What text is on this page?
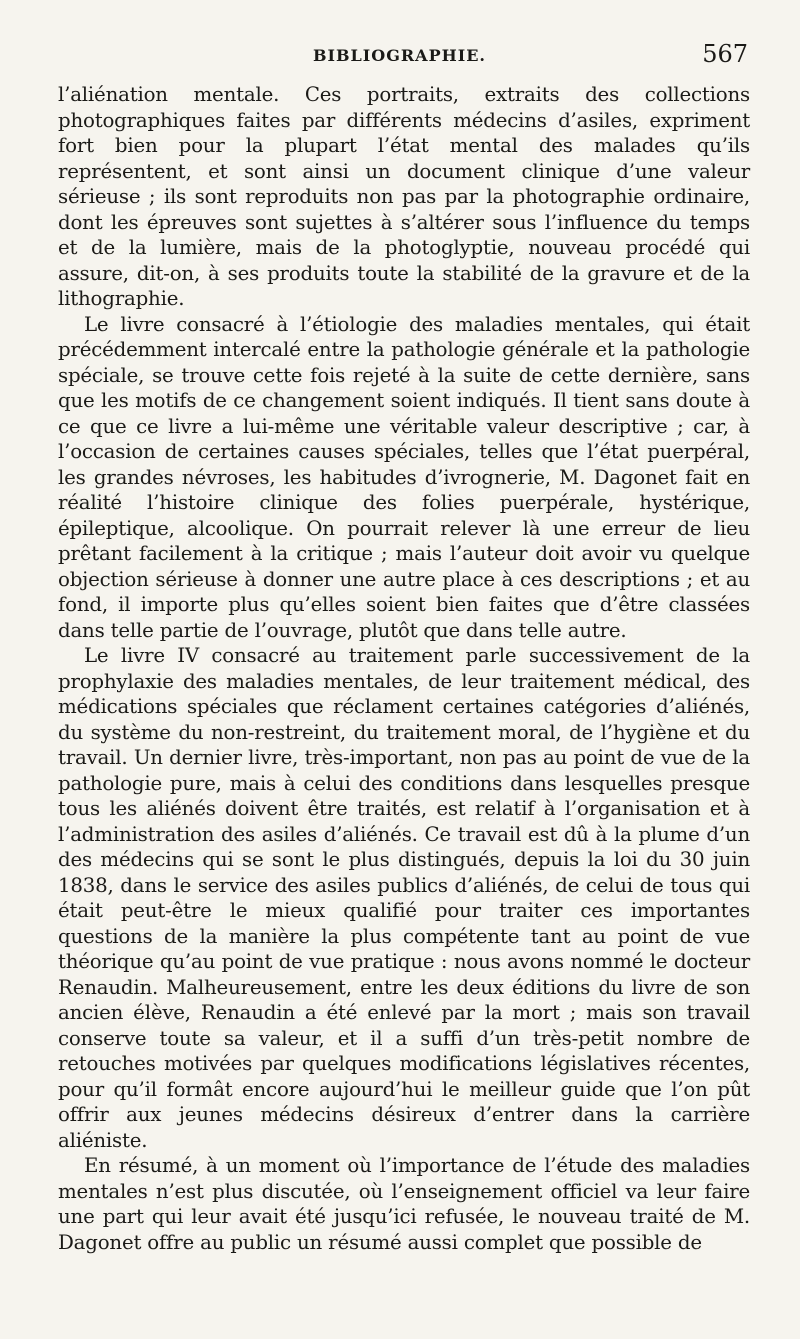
BIBLIOGRAPHIE.	567

l’aliénation mentale. Ces portraits, extraits des collections photographiques faites par différents médecins d’asiles, expriment fort bien pour la plupart l’état mental des malades qu’ils représentent, et sont ainsi un document clinique d’une valeur sérieuse ; ils sont reproduits non pas par la photographie ordinaire, dont les épreuves sont sujettes à s’altérer sous l’influence du temps et de la lumière, mais de la photoglyptie, nouveau procédé qui assure, dit-on, à ses produits toute la stabilité de la gravure et de la lithographie.

Le livre consacré à l’étiologie des maladies mentales, qui était précédemment intercalé entre la pathologie générale et la pathologie spéciale, se trouve cette fois rejeté à la suite de cette dernière, sans que les motifs de ce changement soient indiqués. Il tient sans doute à ce que ce livre a lui-même une véritable valeur descriptive ; car, à l’occasion de certaines causes spéciales, telles que l’état puerpéral, les grandes névroses, les habitudes d’ivrognerie, M. Dagonet fait en réalité l’histoire clinique des folies puerpérale, hystérique, épileptique, alcoolique. On pourrait relever là une erreur de lieu prêtant facilement à la critique ; mais l’auteur doit avoir vu quelque objection sérieuse à donner une autre place à ces descriptions ; et au fond, il importe plus qu’elles soient bien faites que d’être classées dans telle partie de l’ouvrage, plutôt que dans telle autre.

Le livre IV consacré au traitement parle successivement de la prophylaxie des maladies mentales, de leur traitement médical, des médications spéciales que réclament certaines catégories d’aliénés, du système du non-restreint, du traitement moral, de l’hygiène et du travail. Un dernier livre, très-important, non pas au point de vue de la pathologie pure, mais à celui des conditions dans lesquelles presque tous les aliénés doivent être traités, est relatif à l’organisation et à l’administration des asiles d’aliénés. Ce travail est dû à la plume d’un des médecins qui se sont le plus distingués, depuis la loi du 30 juin 1838, dans le service des asiles publics d’aliénés, de celui de tous qui était peut-être le mieux qualifié pour traiter ces importantes questions de la manière la plus compétente tant au point de vue théorique qu’au point de vue pratique : nous avons nommé le docteur Renaudin. Malheureusement, entre les deux éditions du livre de son ancien élève, Renaudin a été enlevé par la mort ; mais son travail conserve toute sa valeur, et il a suffi d’un très-petit nombre de retouches motivées par quelques modifications législatives récentes, pour qu’il formât encore aujourd’hui le meilleur guide que l’on pût offrir aux jeunes médecins désireux d’entrer dans la carrière aliéniste.

En résumé, à un moment où l’importance de l’étude des maladies mentales n’est plus discutée, où l’enseignement officiel va leur faire une part qui leur avait été jusqu’ici refusée, le nouveau traité de M. Dagonet offre au public un résumé aussi complet que possible de
